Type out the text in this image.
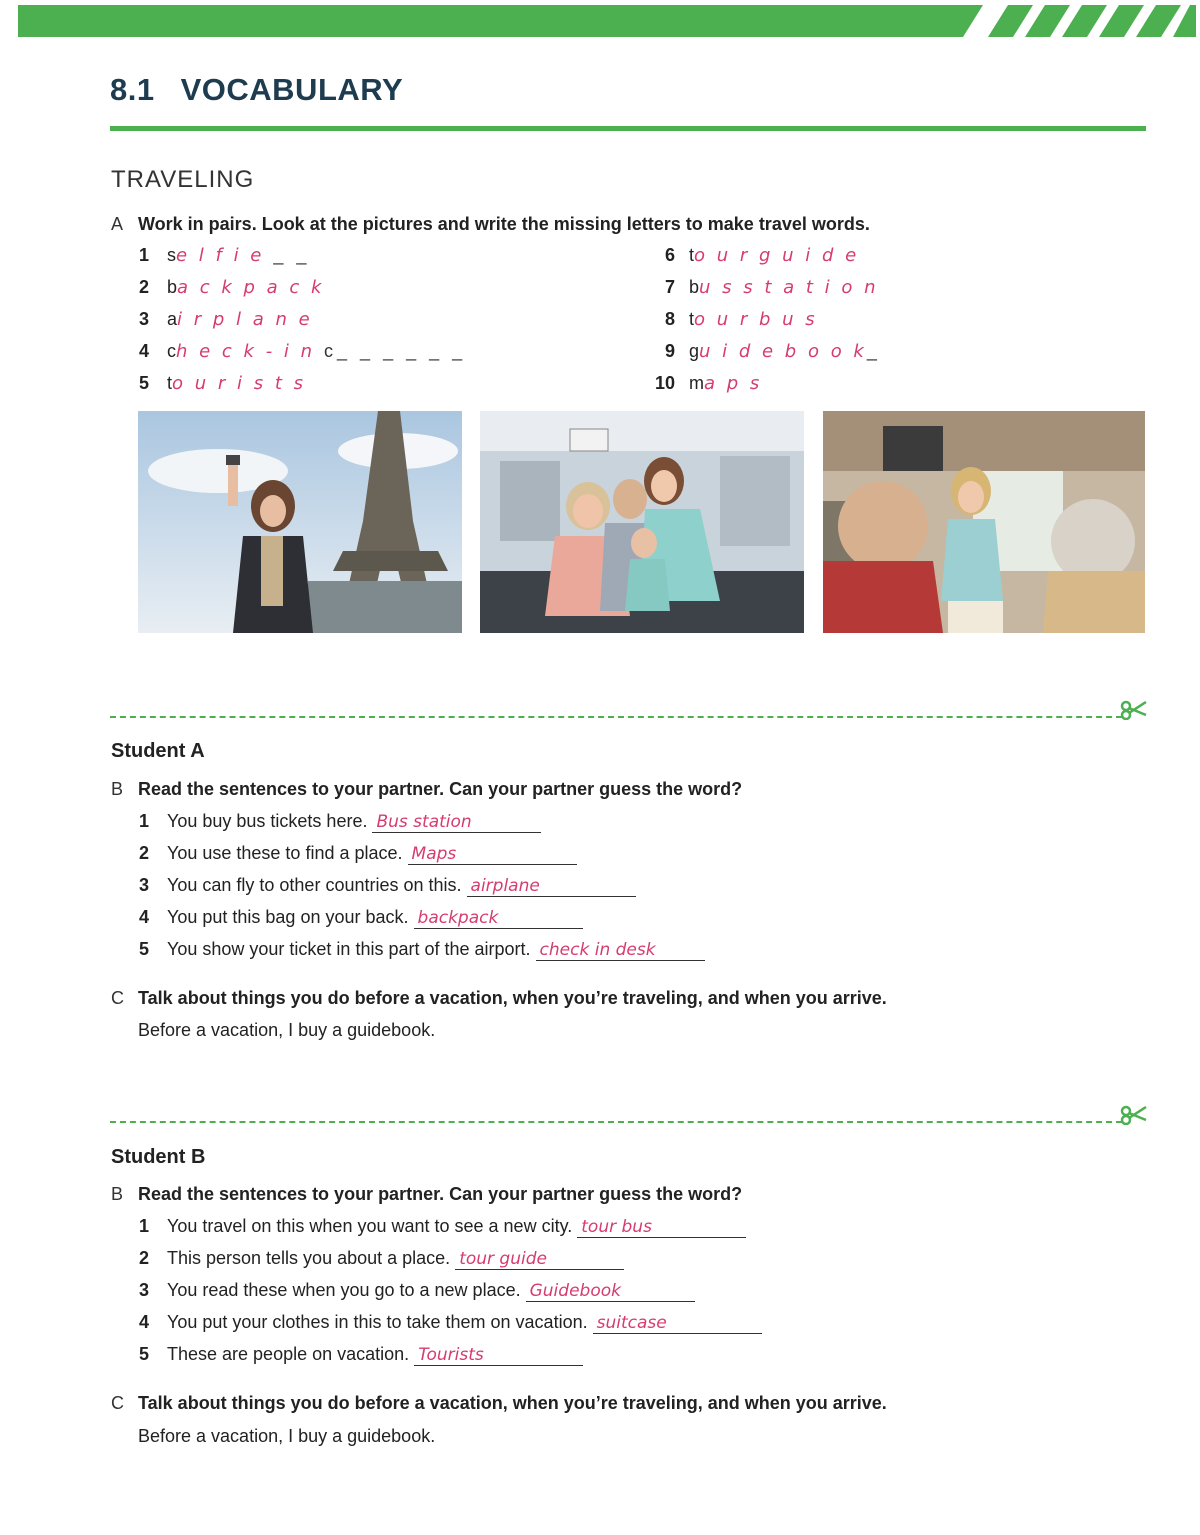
8.1 VOCABULARY
TRAVELING
A Work in pairs. Look at the pictures and write the missing letters to make travel words.
1 se l f i e _ _
2 ba c k p a c k
3 ai r p l a n e
4 ch e c k - i n c_ _ _ _ _ _
5 to u r i s t s
6 to u r g u i d e
7 bu s s t a t i o n
8 to u r b u s
9 gu i d e b o o k_
10 ma p s
Student A
B Read the sentences to your partner. Can your partner guess the word?
1 You buy bus tickets here. Bus station
2 You use these to find a place. Maps
3 You can fly to other countries on this. airplane
4 You put this bag on your back. backpack
5 You show your ticket in this part of the airport. check in desk
C Talk about things you do before a vacation, when you’re traveling, and when you arrive.
Before a vacation, I buy a guidebook.
Student B
B Read the sentences to your partner. Can your partner guess the word?
1 You travel on this when you want to see a new city. tour bus
2 This person tells you about a place. tour guide
3 You read these when you go to a new place. Guidebook
4 You put your clothes in this to take them on vacation. suitcase
5 These are people on vacation. Tourists
C Talk about things you do before a vacation, when you’re traveling, and when you arrive.
Before a vacation, I buy a guidebook.
